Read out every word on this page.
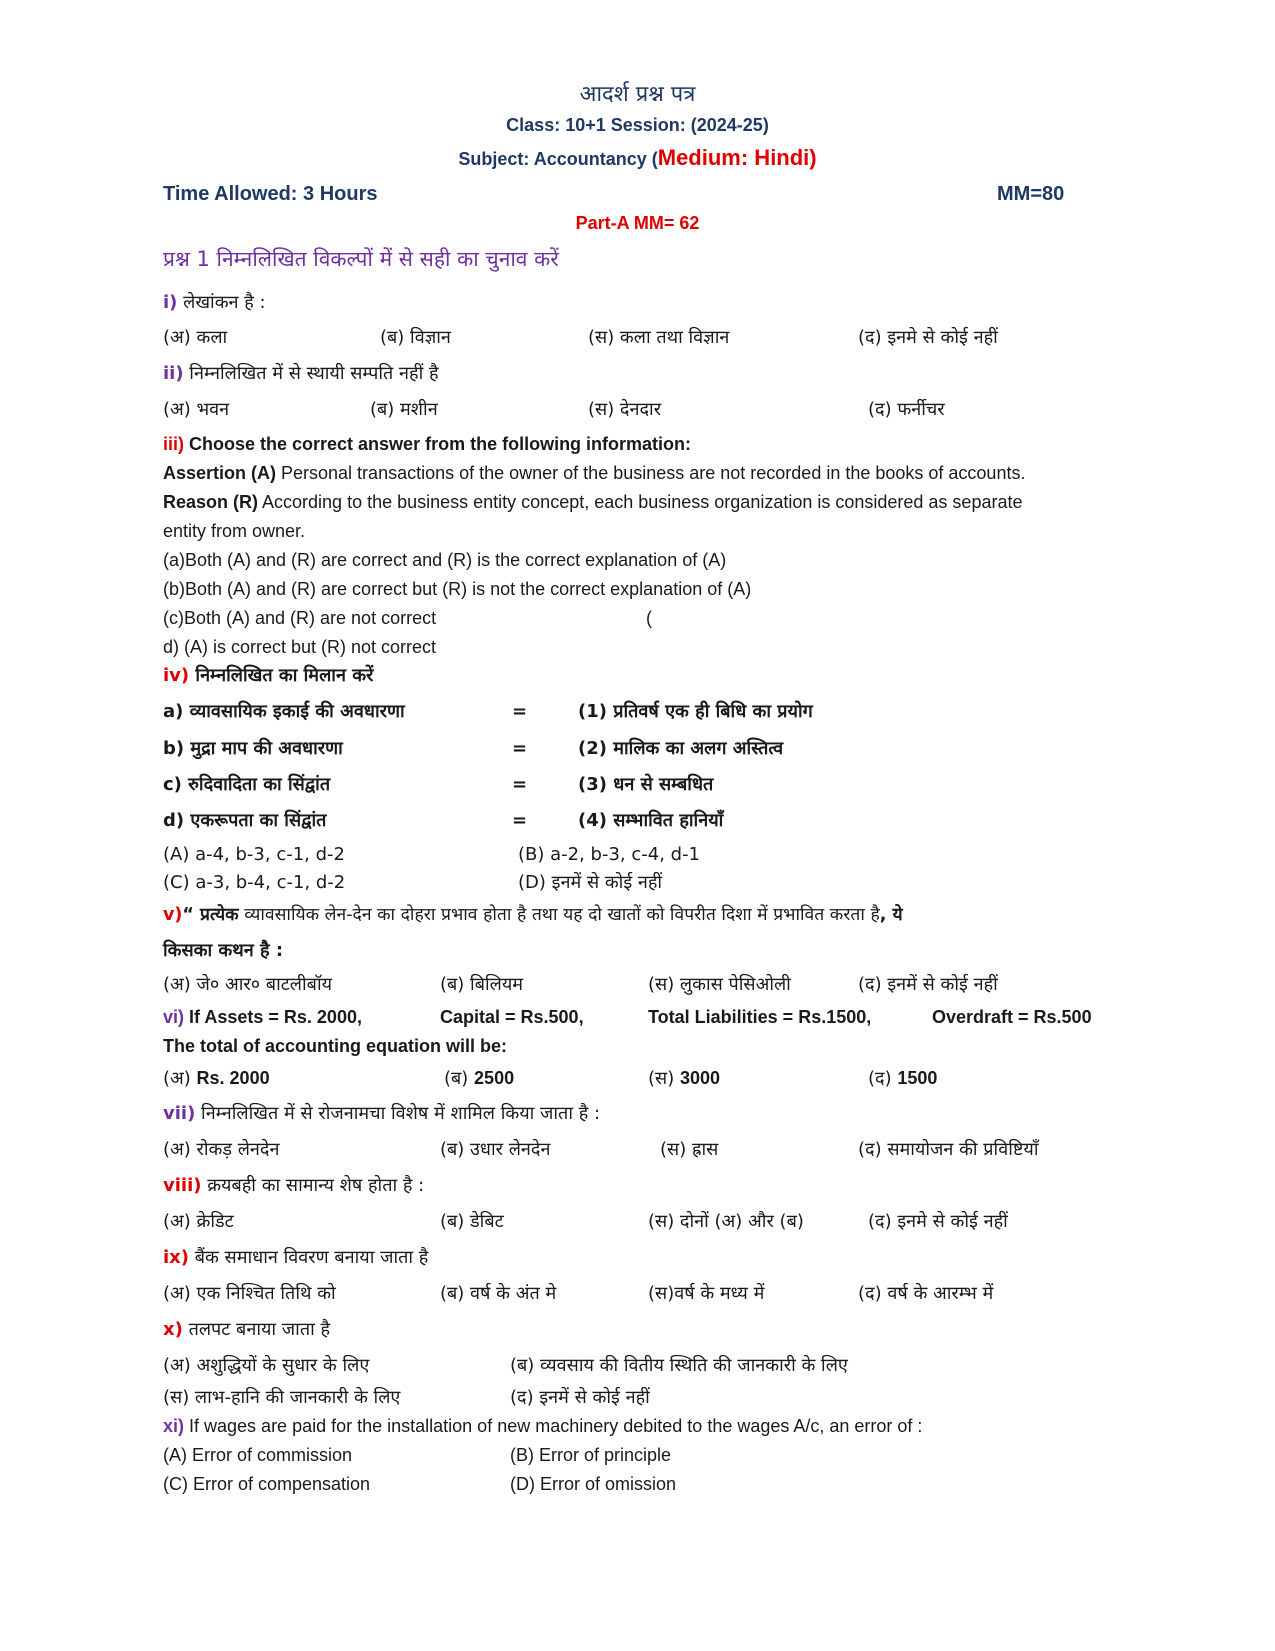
आदर्श प्रश्न पत्र
Class: 10+1 Session: (2024-25)
Subject: Accountancy (Medium: Hindi)
Time Allowed: 3 Hours	MM=80
Part-A MM= 62
प्रश्न 1 निम्नलिखित विकल्पों में से सही का चुनाव करें
i) लेखांकन है :
(अ) कला	(ब) विज्ञान	(स) कला तथा विज्ञान	(द) इनमे से कोई नहीं
ii) निम्नलिखित में से स्थायी सम्पति नहीं है
(अ) भवन	(ब) मशीन	(स) देनदार	(द) फर्नीचर
iii) Choose the correct answer from the following information:
Assertion (A) Personal transactions of the owner of the business are not recorded in the books of accounts.
Reason (R) According to the business entity concept, each business organization is considered as separate
entity from owner.
(a)Both (A) and (R) are correct and (R) is the correct explanation of (A)
(b)Both (A) and (R) are correct but (R) is not the correct explanation of (A)
(c)Both (A) and (R) are not correct	(
d) (A) is correct but (R) not correct
iv) निम्नलिखित का मिलान करें
a) व्यावसायिक इकाई की अवधारणा	=	(1) प्रतिवर्ष एक ही बिधि का प्रयोग
b) मुद्रा माप की अवधारणा	=	(2) मालिक का अलग अस्तित्व
c) रुदिवादिता का सिंद्वांत	=	(3) धन से सम्बधित
d) एकरूपता का सिंद्वांत	=	(4) सम्भावित हानियाँ
(A) a-4, b-3, c-1, d-2	(B) a-2, b-3, c-4, d-1
(C) a-3, b-4, c-1, d-2	(D) इनमें से कोई नहीं
v)“ प्रत्येक व्यावसायिक लेन-देन का दोहरा प्रभाव होता है तथा यह दो खातों को विपरीत दिशा में प्रभावित करता है, ये
किसका कथन है :
(अ) जे० आर० बाटलीबॉय	(ब) बिलियम	(स) लुकास पेसिओली	(द) इनमें से कोई नहीं
vi) If Assets = Rs. 2000,	Capital = Rs.500,	Total Liabilities = Rs.1500,	Overdraft = Rs.500
The total of accounting equation will be:
(अ) Rs. 2000	(ब) 2500	(स) 3000	(द) 1500
vii) निम्नलिखित में से रोजनामचा विशेष में शामिल किया जाता है :
(अ) रोकड़ लेनदेन	(ब) उधार लेनदेन	(स) ह्रास	(द) समायोजन की प्रविष्टियाँ
viii) क्रयबही का सामान्य शेष होता है :
(अ) क्रेडिट	(ब) डेबिट	(स) दोनों (अ) और (ब)	(द) इनमे से कोई नहीं
ix) बैंक समाधान विवरण बनाया जाता है
(अ) एक निश्चित तिथि को	(ब) वर्ष के अंत मे	(स)वर्ष के मध्य में	(द) वर्ष के आरम्भ में
x) तलपट बनाया जाता है
(अ) अशुद्धियों के सुधार के लिए	(ब) व्यवसाय की वितीय स्थिति की जानकारी के लिए
(स) लाभ-हानि की जानकारी के लिए	(द) इनमें से कोई नहीं
xi) If wages are paid for the installation of new machinery debited to the wages A/c, an error of :
(A) Error of commission	(B) Error of principle
(C) Error of compensation	(D) Error of omission
